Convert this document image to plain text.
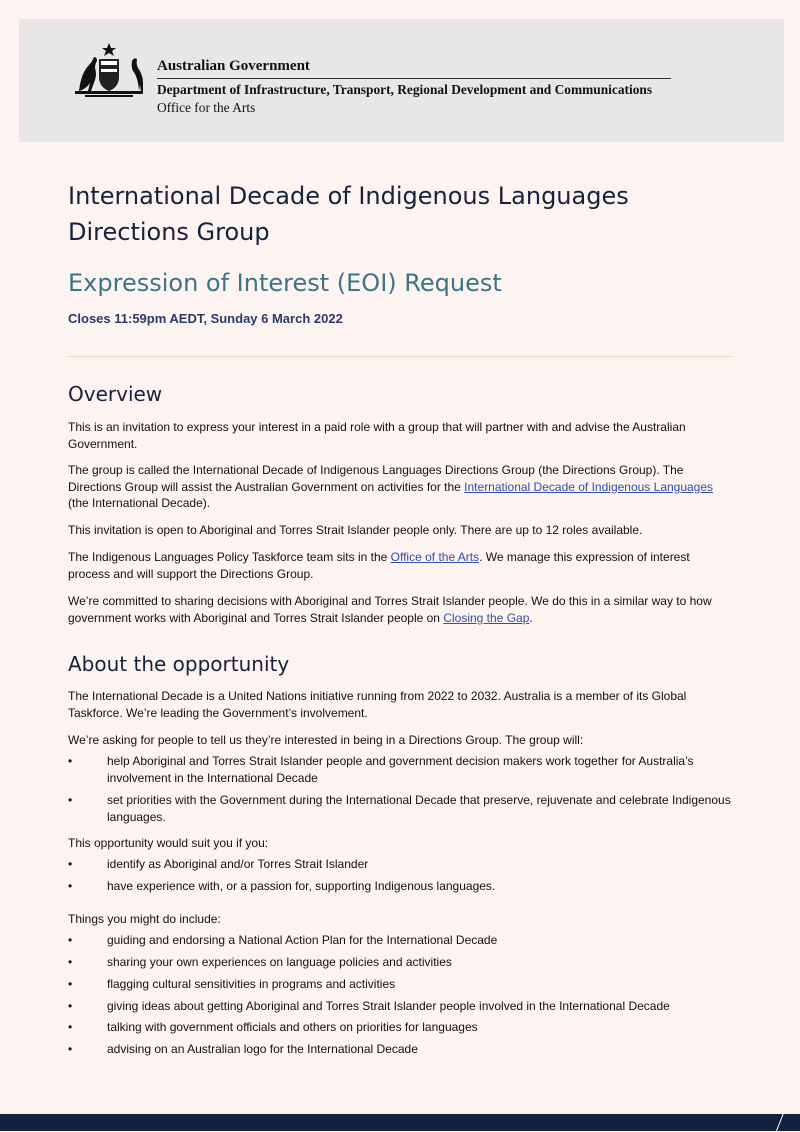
Australian Government
Department of Infrastructure, Transport, Regional Development and Communications
Office for the Arts
International Decade of Indigenous Languages
Directions Group
Expression of Interest (EOI) Request

Closes 11:59pm AEDT, Sunday 6 March 2022

Overview

This is an invitation to express your interest in a paid role with a group that will partner with and advise the Australian Government.

The group is called the International Decade of Indigenous Languages Directions Group (the Directions Group). The Directions Group will assist the Australian Government on activities for the International Decade of Indigenous Languages (the International Decade).

This invitation is open to Aboriginal and Torres Strait Islander people only. There are up to 12 roles available.

The Indigenous Languages Policy Taskforce team sits in the Office of the Arts. We manage this expression of interest process and will support the Directions Group.

We’re committed to sharing decisions with Aboriginal and Torres Strait Islander people. We do this in a similar way to how government works with Aboriginal and Torres Strait Islander people on Closing the Gap.

About the opportunity

The International Decade is a United Nations initiative running from 2022 to 2032. Australia is a member of its Global Taskforce. We’re leading the Government’s involvement.

We’re asking for people to tell us they’re interested in being in a Directions Group. The group will:

•	help Aboriginal and Torres Strait Islander people and government decision makers work together for Australia’s involvement in the International Decade
•	set priorities with the Government during the International Decade that preserve, rejuvenate and celebrate Indigenous languages.

This opportunity would suit you if you:

•	identify as Aboriginal and/or Torres Strait Islander
•	have experience with, or a passion for, supporting Indigenous languages.

Things you might do include:

•	guiding and endorsing a National Action Plan for the International Decade
•	sharing your own experiences on language policies and activities
•	flagging cultural sensitivities in programs and activities
•	giving ideas about getting Aboriginal and Torres Strait Islander people involved in the International Decade
•	talking with government officials and others on priorities for languages
•	advising on an Australian logo for the International Decade
